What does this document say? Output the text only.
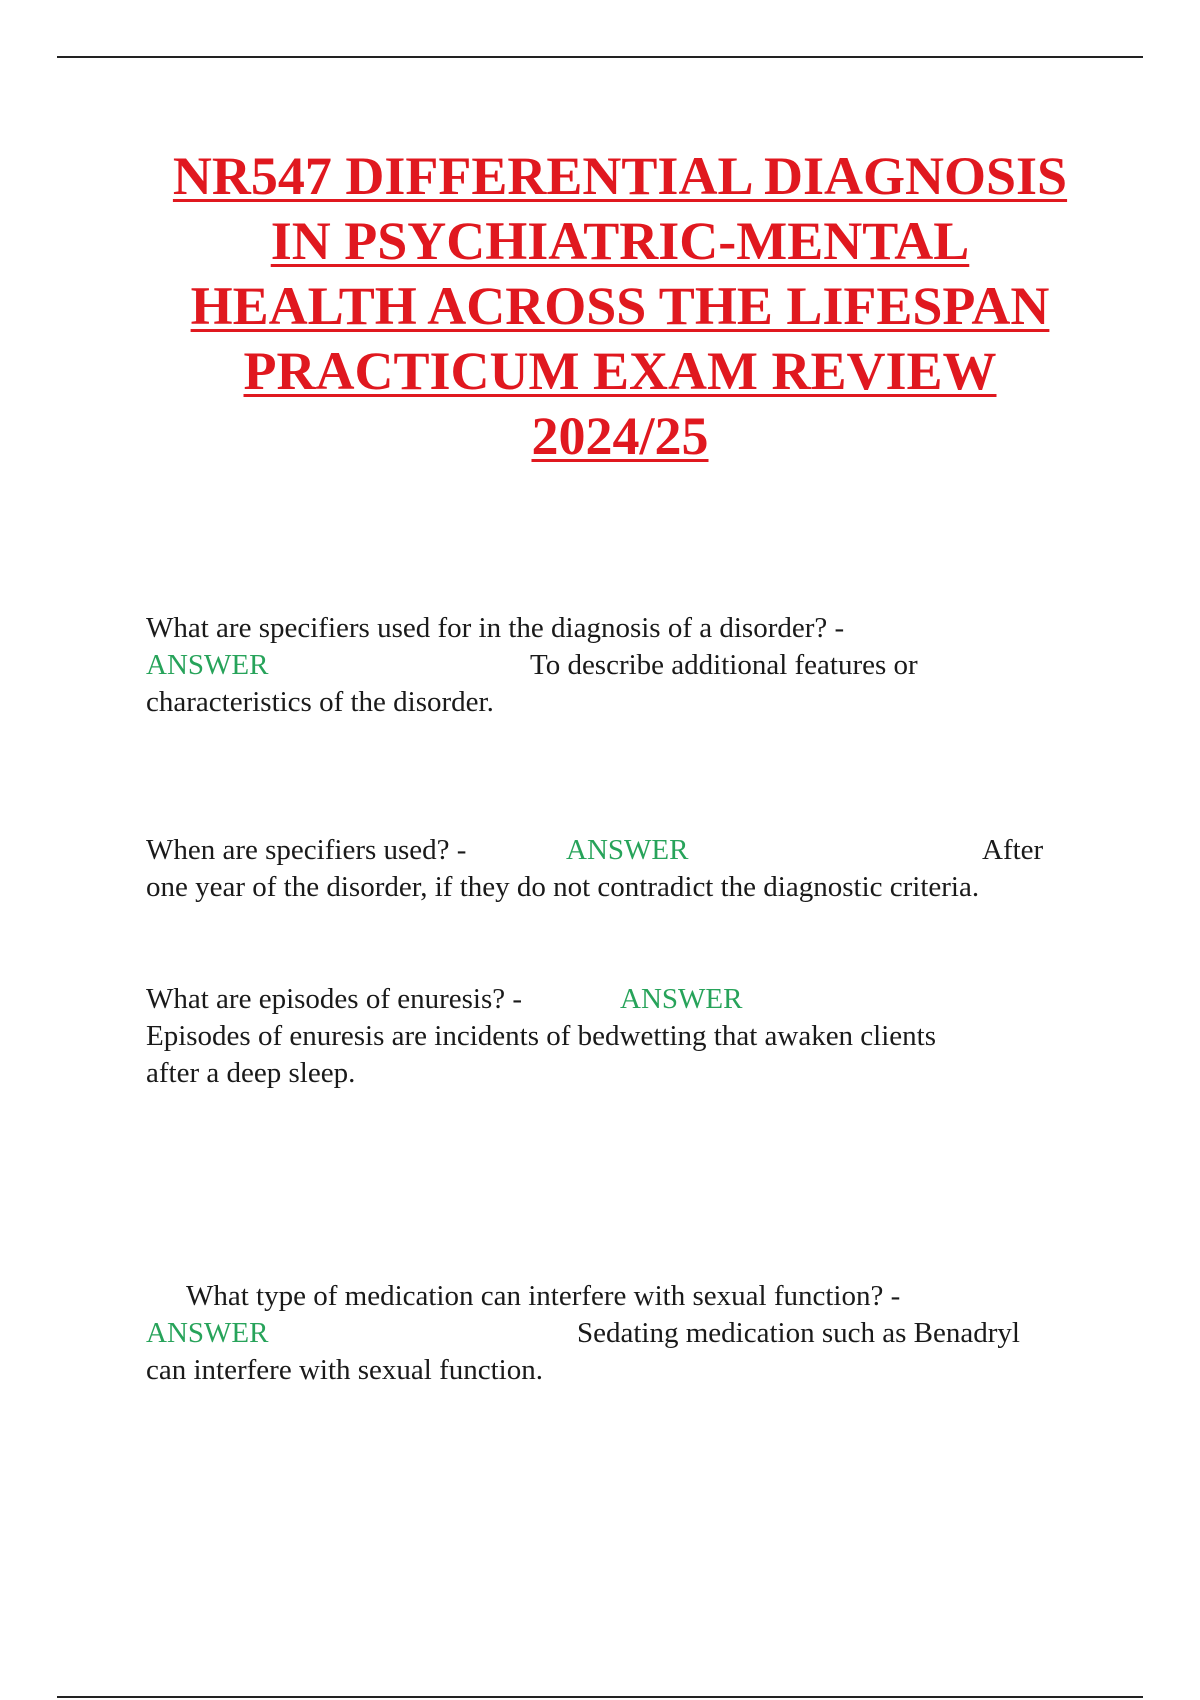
NR547 DIFFERENTIAL DIAGNOSIS
IN PSYCHIATRIC-MENTAL
HEALTH ACROSS THE LIFESPAN
PRACTICUM EXAM REVIEW
2024/25
What are specifiers used for in the diagnosis of a disorder? -
ANSWER	To describe additional features or
characteristics of the disorder.
When are specifiers used? -	ANSWER	After
one year of the disorder, if they do not contradict the diagnostic criteria.
What are episodes of enuresis? -	ANSWER
Episodes of enuresis are incidents of bedwetting that awaken clients
after a deep sleep.
What type of medication can interfere with sexual function? -
ANSWER	Sedating medication such as Benadryl
can interfere with sexual function.
